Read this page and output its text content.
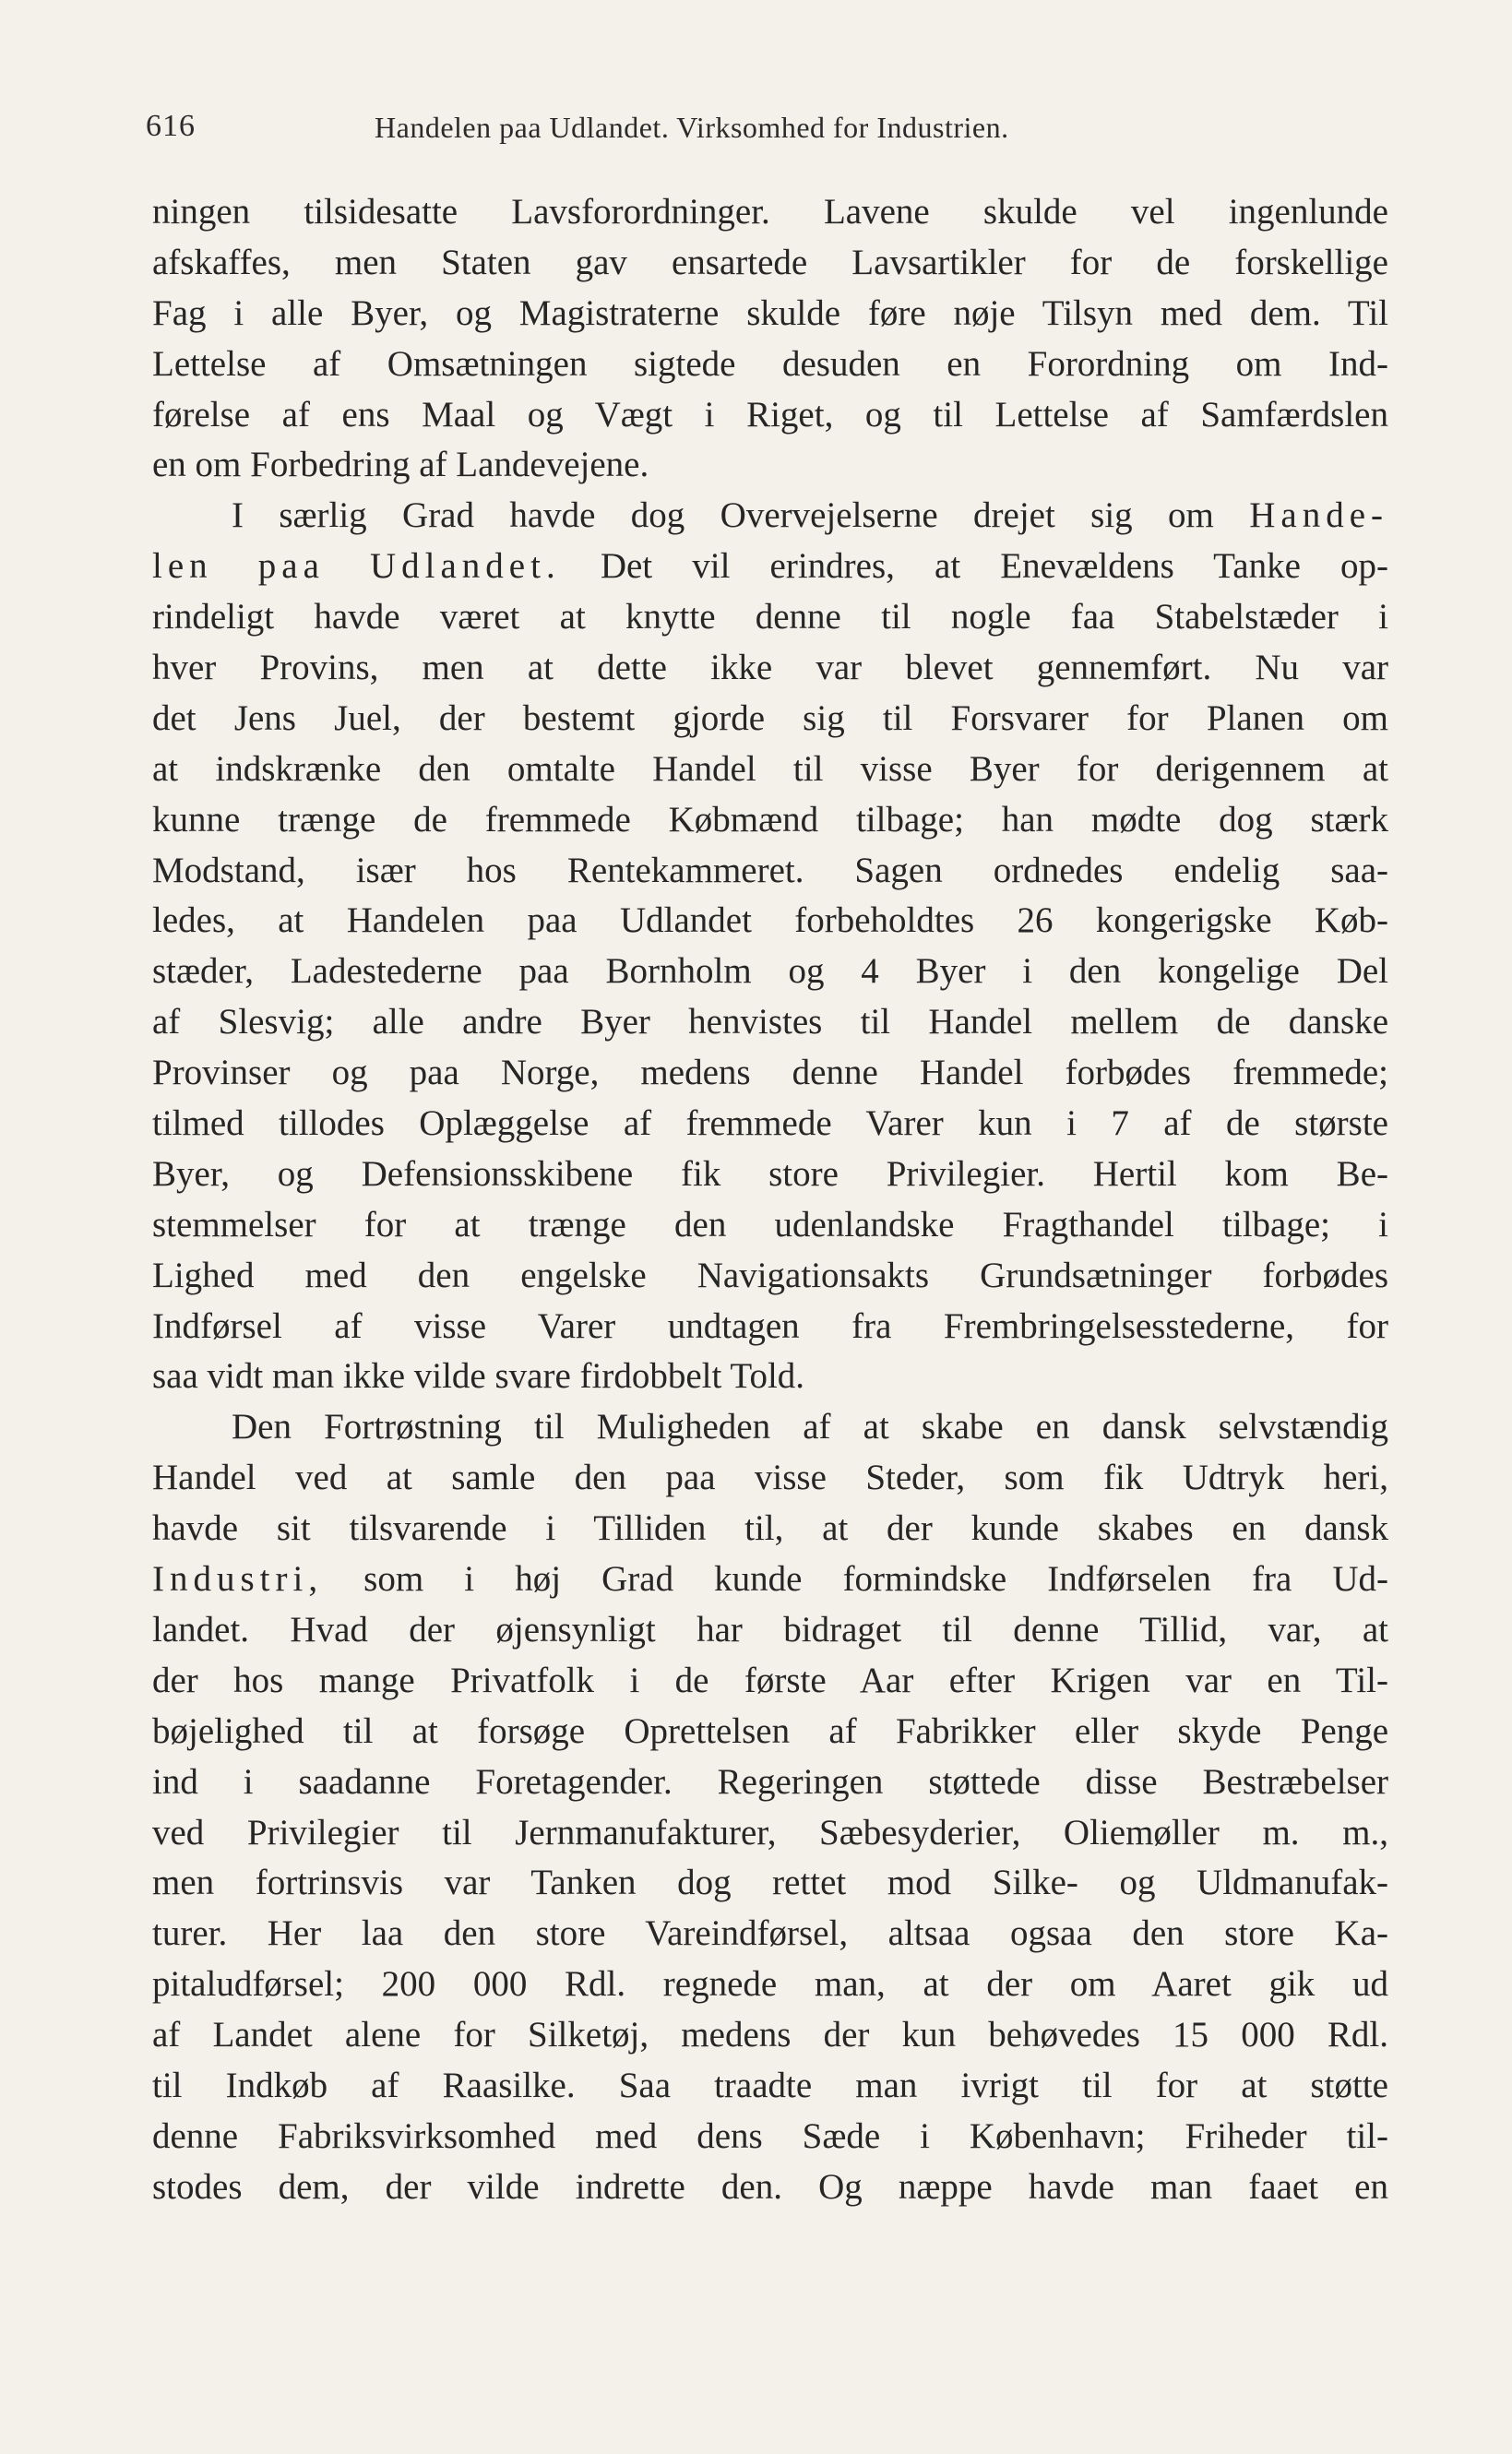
616	Handelen paa Udlandet. Virksomhed for Industrien.
ningen tilsidesatte Lavsforordninger. Lavene skulde vel ingenlunde
afskaffes, men Staten gav ensartede Lavsartikler for de forskellige
Fag i alle Byer, og Magistraterne skulde føre nøje Tilsyn med dem. Til
Lettelse af Omsætningen sigtede desuden en Forordning om Ind-
førelse af ens Maal og Vægt i Riget, og til Lettelse af Samfærdslen
en om Forbedring af Landevejene.
I særlig Grad havde dog Overvejelserne drejet sig om Hande-
len paa Udlandet. Det vil erindres, at Enevældens Tanke op-
rindeligt havde været at knytte denne til nogle faa Stabelstæder i
hver Provins, men at dette ikke var blevet gennemført. Nu var
det Jens Juel, der bestemt gjorde sig til Forsvarer for Planen om
at indskrænke den omtalte Handel til visse Byer for derigennem at
kunne trænge de fremmede Købmænd tilbage; han mødte dog stærk
Modstand, især hos Rentekammeret. Sagen ordnedes endelig saa-
ledes, at Handelen paa Udlandet forbeholdtes 26 kongerigske Køb-
stæder, Ladestederne paa Bornholm og 4 Byer i den kongelige Del
af Slesvig; alle andre Byer henvistes til Handel mellem de danske
Provinser og paa Norge, medens denne Handel forbødes fremmede;
tilmed tillodes Oplæggelse af fremmede Varer kun i 7 af de største
Byer, og Defensionsskibene fik store Privilegier. Hertil kom Be-
stemmelser for at trænge den udenlandske Fragthandel tilbage; i
Lighed med den engelske Navigationsakts Grundsætninger forbødes
Indførsel af visse Varer undtagen fra Frembringelsesstederne, for
saa vidt man ikke vilde svare firdobbelt Told.
Den Fortrøstning til Muligheden af at skabe en dansk selvstændig
Handel ved at samle den paa visse Steder, som fik Udtryk heri,
havde sit tilsvarende i Tilliden til, at der kunde skabes en dansk
Industri, som i høj Grad kunde formindske Indførselen fra Ud-
landet. Hvad der øjensynligt har bidraget til denne Tillid, var, at
der hos mange Privatfolk i de første Aar efter Krigen var en Til-
bøjelighed til at forsøge Oprettelsen af Fabrikker eller skyde Penge
ind i saadanne Foretagender. Regeringen støttede disse Bestræbelser
ved Privilegier til Jernmanufakturer, Sæbesyderier, Oliemøller m. m.,
men fortrinsvis var Tanken dog rettet mod Silke- og Uldmanufak-
turer. Her laa den store Vareindførsel, altsaa ogsaa den store Ka-
pitaludførsel; 200 000 Rdl. regnede man, at der om Aaret gik ud
af Landet alene for Silketøj, medens der kun behøvedes 15 000 Rdl.
til Indkøb af Raasilke. Saa traadte man ivrigt til for at støtte
denne Fabriksvirksomhed med dens Sæde i København; Friheder til-
stodes dem, der vilde indrette den. Og næppe havde man faaet en
